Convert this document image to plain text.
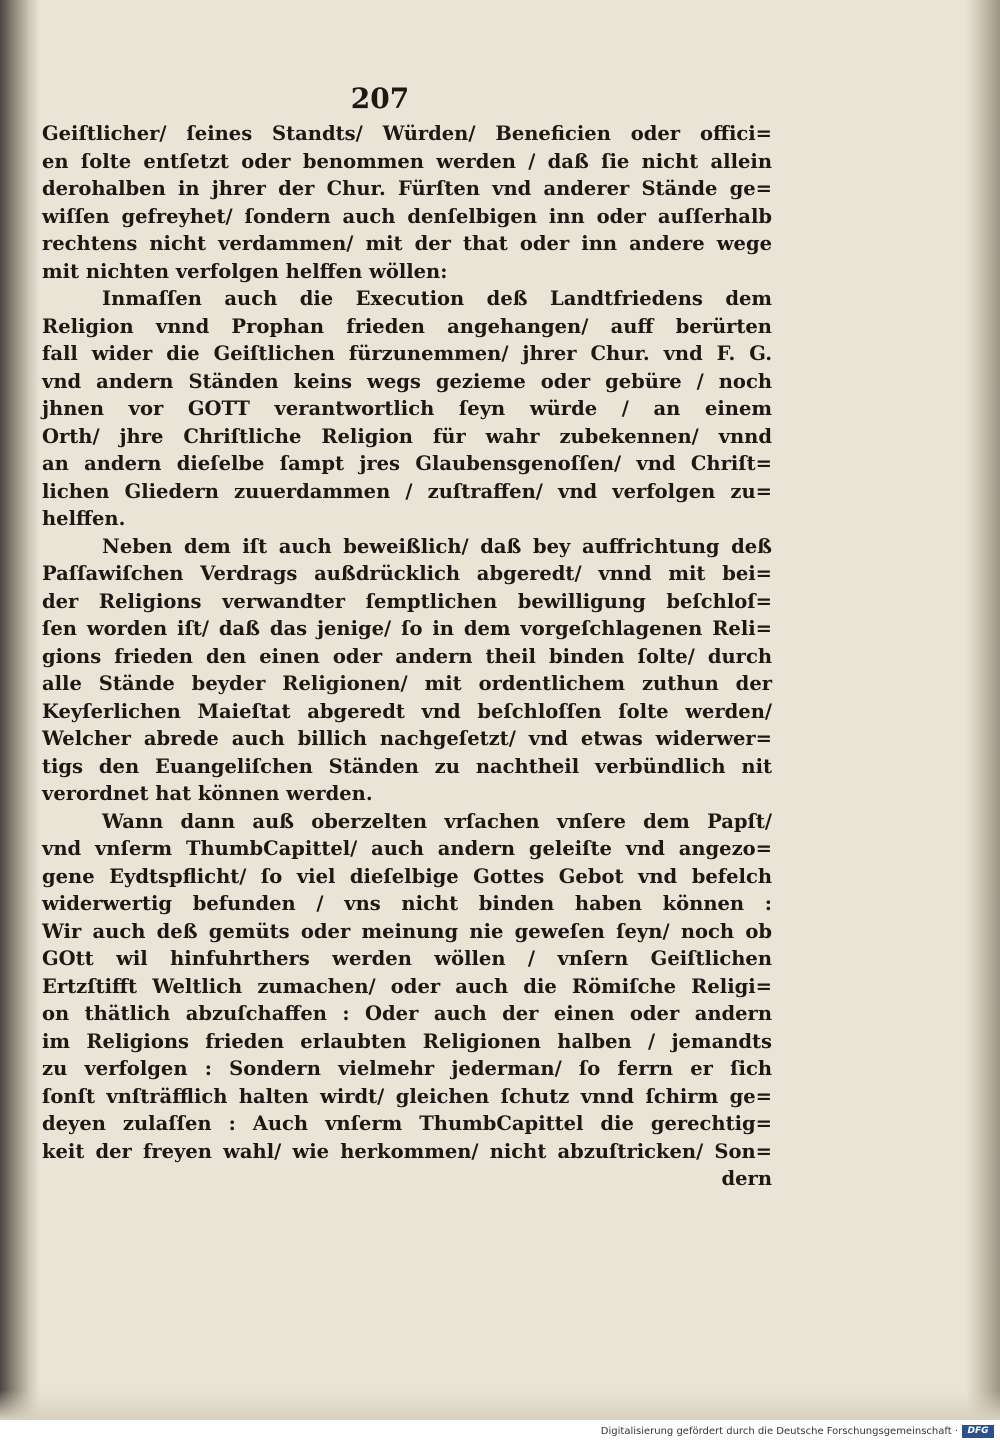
207
Geiſtlicher/ ſeines Standts/ Würden/ Beneficien oder offici=
en ſolte entſetzt oder benommen werden / daß ſie nicht allein
derohalben in jhrer der Chur. Fürſten vnd anderer Stände ge=
wiſſen gefreyhet/ ſondern auch denſelbigen inn oder auſſerhalb
rechtens nicht verdammen/ mit der that oder inn andere wege
mit nichten verfolgen helffen wöllen:
Inmaſſen auch die Execution deß Landtfriedens dem
Religion vnnd Prophan frieden angehangen/ auff berürten
fall wider die Geiſtlichen fürzunemmen/ jhrer Chur. vnd F. G.
vnd andern Ständen keins wegs gezieme oder gebüre / noch
jhnen vor GOTT verantwortlich ſeyn würde / an einem
Orth/ jhre Chriſtliche Religion für wahr zubekennen/ vnnd
an andern dieſelbe ſampt jres Glaubensgenoſſen/ vnd Chriſt=
lichen Gliedern zuuerdammen / zuſtraffen/ vnd verfolgen zu=
helffen.
Neben dem iſt auch beweißlich/ daß bey auffrichtung deß
Paſſawiſchen Verdrags außdrücklich abgeredt/ vnnd mit bei=
der Religions verwandter ſemptlichen bewilligung beſchloſ=
ſen worden iſt/ daß das jenige/ ſo in dem vorgeſchlagenen Reli=
gions frieden den einen oder andern theil binden ſolte/ durch
alle Stände beyder Religionen/ mit ordentlichem zuthun der
Keyſerlichen Maieſtat abgeredt vnd beſchloſſen ſolte werden/
Welcher abrede auch billich nachgeſetzt/ vnd etwas widerwer=
tigs den Euangeliſchen Ständen zu nachtheil verbündlich nit
verordnet hat können werden.
Wann dann auß oberzelten vrſachen vnſere dem Papſt/
vnd vnſerm ThumbCapittel/ auch andern geleiſte vnd angezo=
gene Eydtspflicht/ ſo viel dieſelbige Gottes Gebot vnd befelch
widerwertig befunden / vns nicht binden haben können :
Wir auch deß gemüts oder meinung nie geweſen ſeyn/ noch ob
GOtt wil hinfuhrthers werden wöllen / vnſern Geiſtlichen
Ertzſtifft Weltlich zumachen/ oder auch die Römiſche Religi=
on thätlich abzuſchaffen : Oder auch der einen oder andern
im Religions frieden erlaubten Religionen halben / jemandts
zu verfolgen : Sondern vielmehr jederman/ ſo ferrn er ſich
ſonſt vnſträfflich halten wirdt/ gleichen ſchutz vnnd ſchirm ge=
deyen zulaſſen : Auch vnſerm ThumbCapittel die gerechtig=
keit der freyen wahl/ wie herkommen/ nicht abzuſtricken/ Son=
dern
Digitalisierung gefördert durch die Deutsche Forschungsgemeinschaft ·	DFG
